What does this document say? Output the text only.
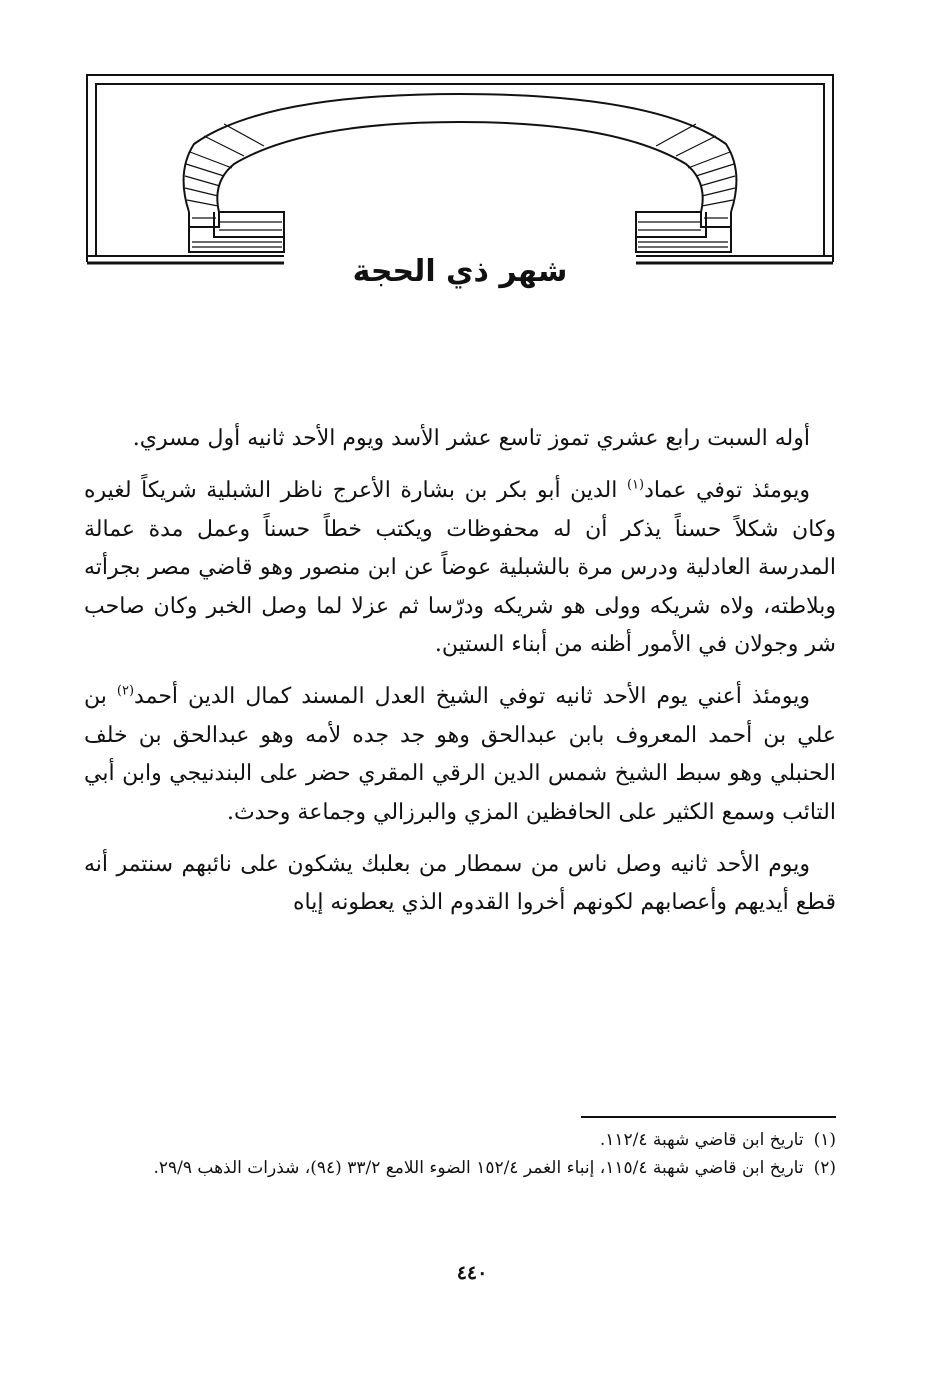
شهر ذي الحجة

أوله السبت رابع عشري تموز تاسع عشر الأسد ويوم الأحد ثانيه أول مسري.

ويومئذ توفي عماد$^{(١)}$ الدين أبو بكر بن بشارة الأعرج ناظر الشبلية شريكاً لغيره وكان شكلاً حسناً يذكر أن له محفوظات ويكتب خطاً حسناً وعمل مدة عمالة المدرسة العادلية ودرس مرة بالشبلية عوضاً عن ابن منصور وهو قاضي مصر بجرأته وبلاطته، ولاه شريكه وولى هو شريكه ودرّسا ثم عزلا لما وصل الخبر وكان صاحب شر وجولان في الأمور أظنه من أبناء الستين.

ويومئذ أعني يوم الأحد ثانيه توفي الشيخ العدل المسند كمال الدين أحمد$^{(٢)}$ بن علي بن أحمد المعروف بابن عبدالحق وهو جد جده لأمه وهو عبدالحق بن خلف الحنبلي وهو سبط الشيخ شمس الدين الرقي المقري حضر على البندنيجي وابن أبي التائب وسمع الكثير على الحافظين المزي والبرزالي وجماعة وحدث.

ويوم الأحد ثانيه وصل ناس من سمطار من بعلبك يشكون على نائبهم سنتمر أنه قطع أيديهم وأعصابهم لكونهم أخروا القدوم الذي يعطونه إياه

(١)
تاريخ ابن قاضي شهبة ١١٢/٤.
(٢)
تاريخ ابن قاضي شهبة ١١٥/٤، إنباء الغمر ١٥٢/٤ الضوء اللامع ٣٣/٢ (٩٤)، شذرات الذهب ٢٩/٩.
٤٤٠
